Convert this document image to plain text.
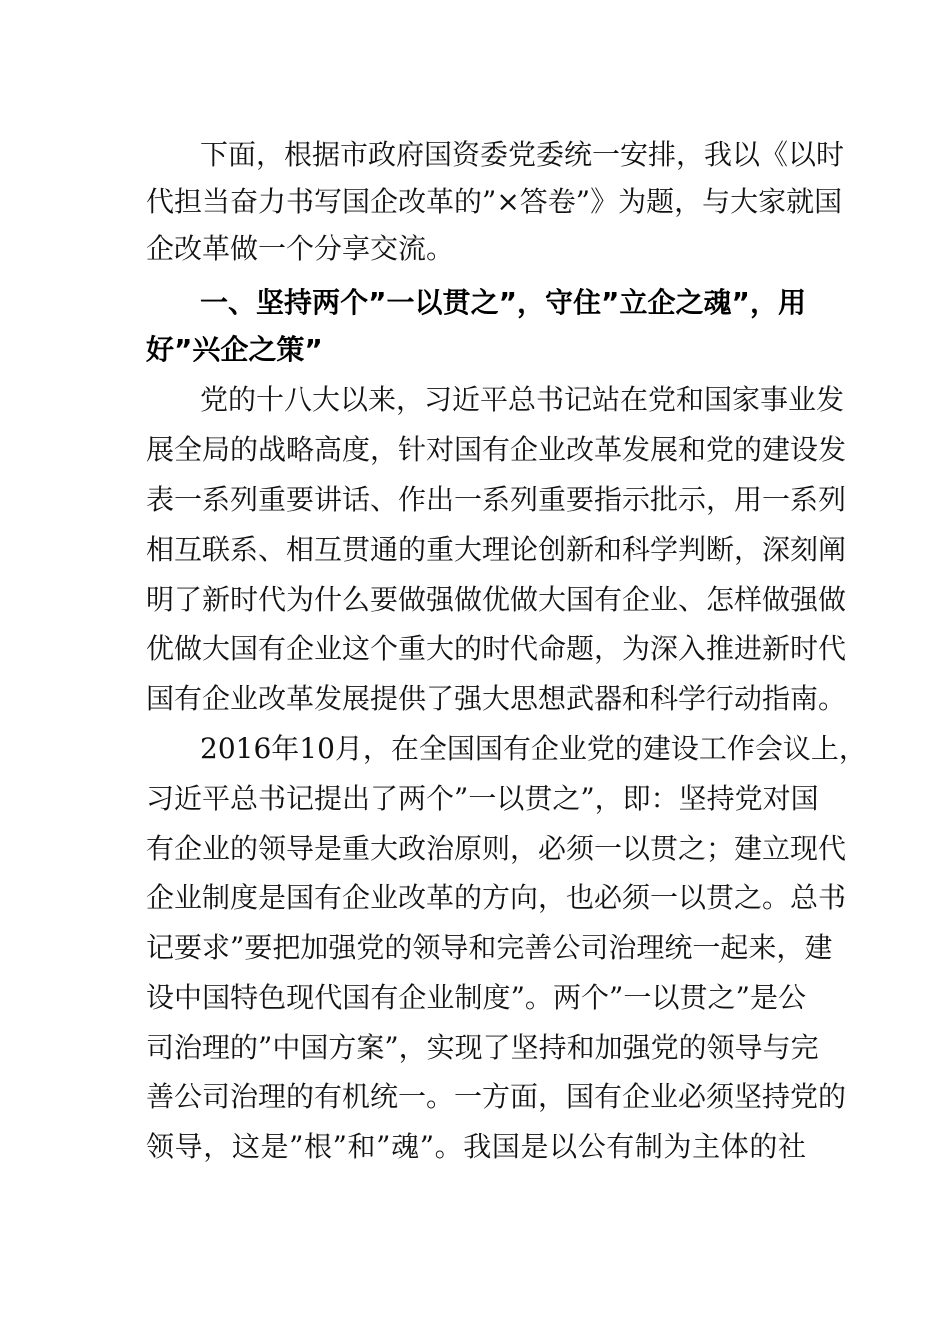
下面，根据市政府国资委党委统一安排，我以《以时
代担当奋力书写国企改革的”×答卷”》为题，与大家就国
企改革做一个分享交流。
一、坚持两个”一以贯之”，守住”立企之魂”，用
好”兴企之策”
党的十八大以来，习近平总书记站在党和国家事业发
展全局的战略高度，针对国有企业改革发展和党的建设发
表一系列重要讲话、作出一系列重要指示批示，用一系列
相互联系、相互贯通的重大理论创新和科学判断，深刻阐
明了新时代为什么要做强做优做大国有企业、怎样做强做
优做大国有企业这个重大的时代命题，为深入推进新时代
国有企业改革发展提供了强大思想武器和科学行动指南。
2016年10月，在全国国有企业党的建设工作会议上，
习近平总书记提出了两个”一以贯之”，即：坚持党对国
有企业的领导是重大政治原则，必须一以贯之；建立现代
企业制度是国有企业改革的方向，也必须一以贯之。总书
记要求”要把加强党的领导和完善公司治理统一起来，建
设中国特色现代国有企业制度”。两个”一以贯之”是公
司治理的”中国方案”，实现了坚持和加强党的领导与完
善公司治理的有机统一。一方面，国有企业必须坚持党的
领导，这是”根”和”魂”。我国是以公有制为主体的社
